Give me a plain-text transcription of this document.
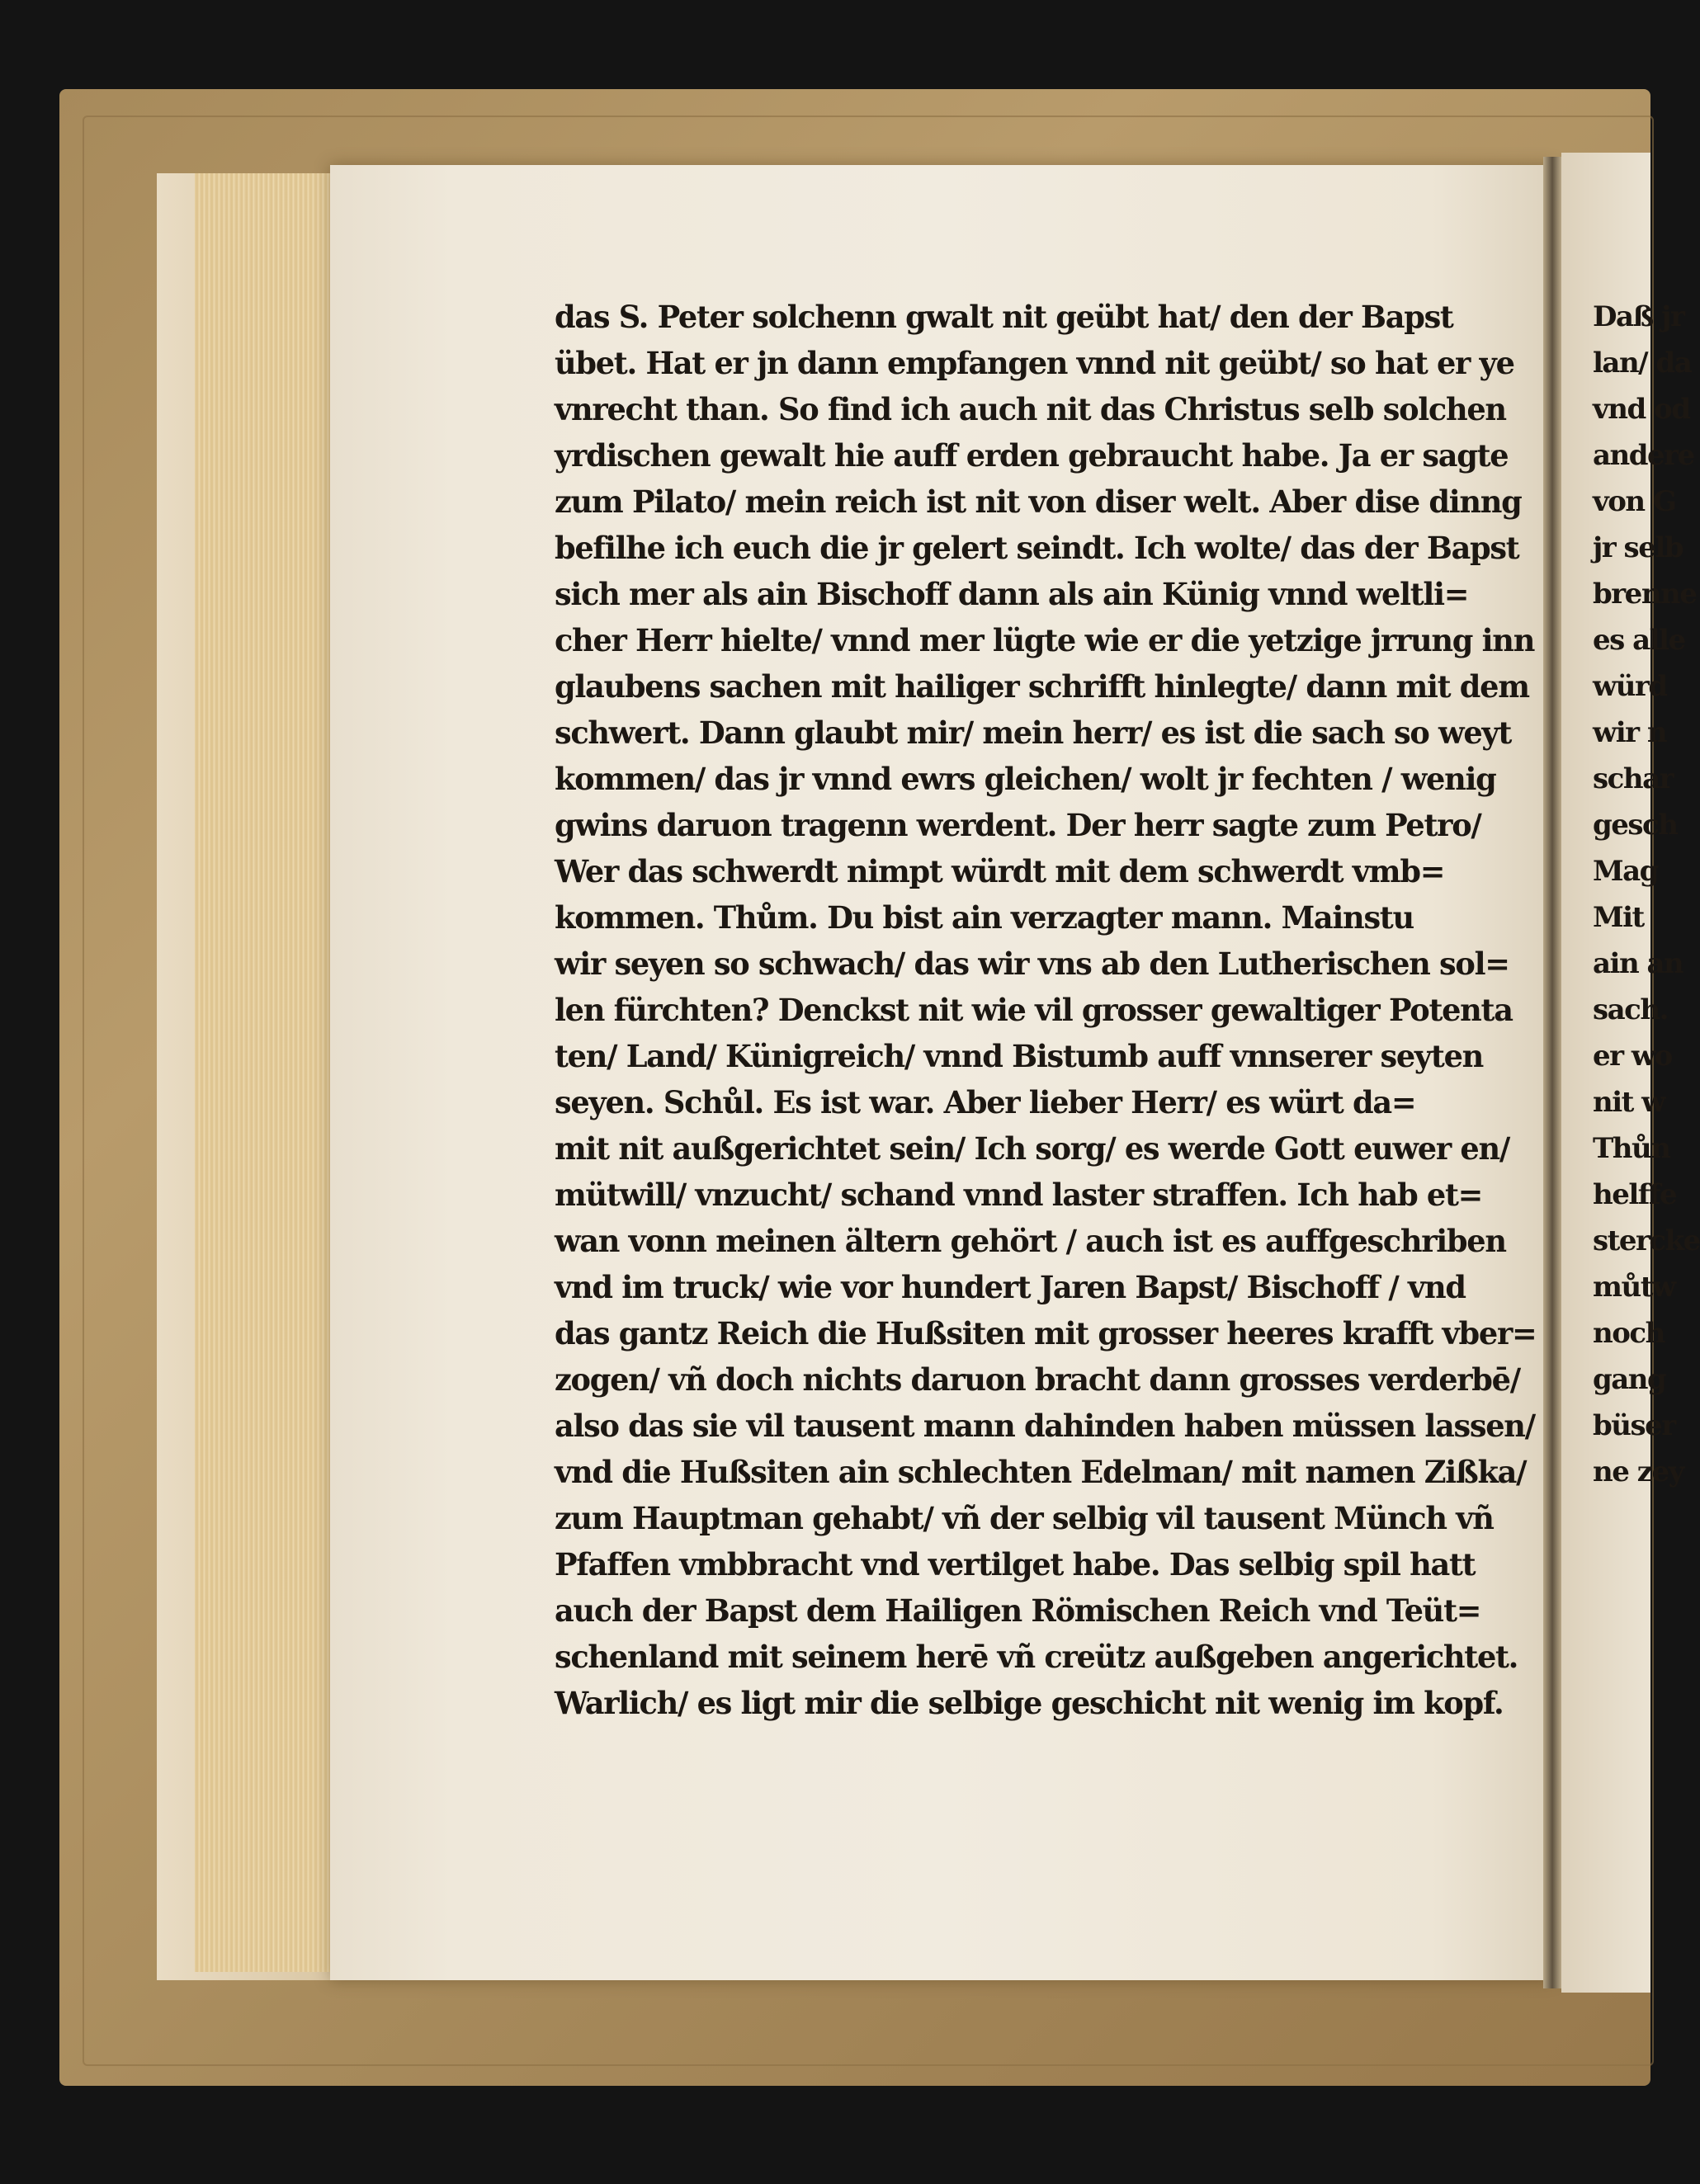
das S. Peter solchenn gwalt nit geübt hat/ den der Bapst
übet. Hat er jn dann empfangen vnnd nit geübt/ so hat er ye
vnrecht than. So find ich auch nit das Christus selb solchen
yrdischen gewalt hie auff erden gebraucht habe. Ja er sagte
zum Pilato/ mein reich ist nit von diser welt. Aber dise dinng
befilhe ich euch die jr gelert seindt. Ich wolte/ das der Bapst
sich mer als ain Bischoff dann als ain Künig vnnd weltli=
cher Herr hielte/ vnnd mer lügte wie er die yetzige jrrung inn
glaubens sachen mit hailiger schrifft hinlegte/ dann mit dem
schwert. Dann glaubt mir/ mein herr/ es ist die sach so weyt
kommen/ das jr vnnd ewrs gleichen/ wolt jr fechten / wenig
gwins daruon tragenn werdent. Der herr sagte zum Petro/
Wer das schwerdt nimpt würdt mit dem schwerdt vmb=
kommen. Thům. Du bist ain verzagter mann. Mainstu
wir seyen so schwach/ das wir vns ab den Lutherischen sol=
len fürchten? Denckst nit wie vil grosser gewaltiger Potenta
ten/ Land/ Künigreich/ vnnd Bistumb auff vnnserer seyten
seyen. Schůl. Es ist war. Aber lieber Herr/ es würt da=
mit nit außgerichtet sein/ Ich sorg/ es werde Gott euwer en/
mütwill/ vnzucht/ schand vnnd laster straffen. Ich hab et=
wan vonn meinen ältern gehört / auch ist es auffgeschriben
vnd im truck/ wie vor hundert Jaren Bapst/ Bischoff / vnd
das gantz Reich die Hußsiten mit grosser heeres krafft vber=
zogen/ vñ doch nichts daruon bracht dann grosses verderbē/
also das sie vil tausent mann dahinden haben müssen lassen/
vnd die Hußsiten ain schlechten Edelman/ mit namen Zißka/
zum Hauptman gehabt/ vñ der selbig vil tausent Münch vñ
Pfaffen vmbbracht vnd vertilget habe. Das selbig spil hatt
auch der Bapst dem Hailigen Römischen Reich vnd Teüt=
schenland mit seinem herē vñ creütz außgeben angerichtet.
Warlich/ es ligt mir die selbige geschicht nit wenig im kopf.
Daß jr
lan/ da
vnd od
andere
von G
jr selb
brenne
es alle
würd
wir n
schar
gesch
Mag
Mit
ain an
sach.
er wo
nit w
Thůn
helffe
stercke
můtw
noch
gang
büser
ne zey
